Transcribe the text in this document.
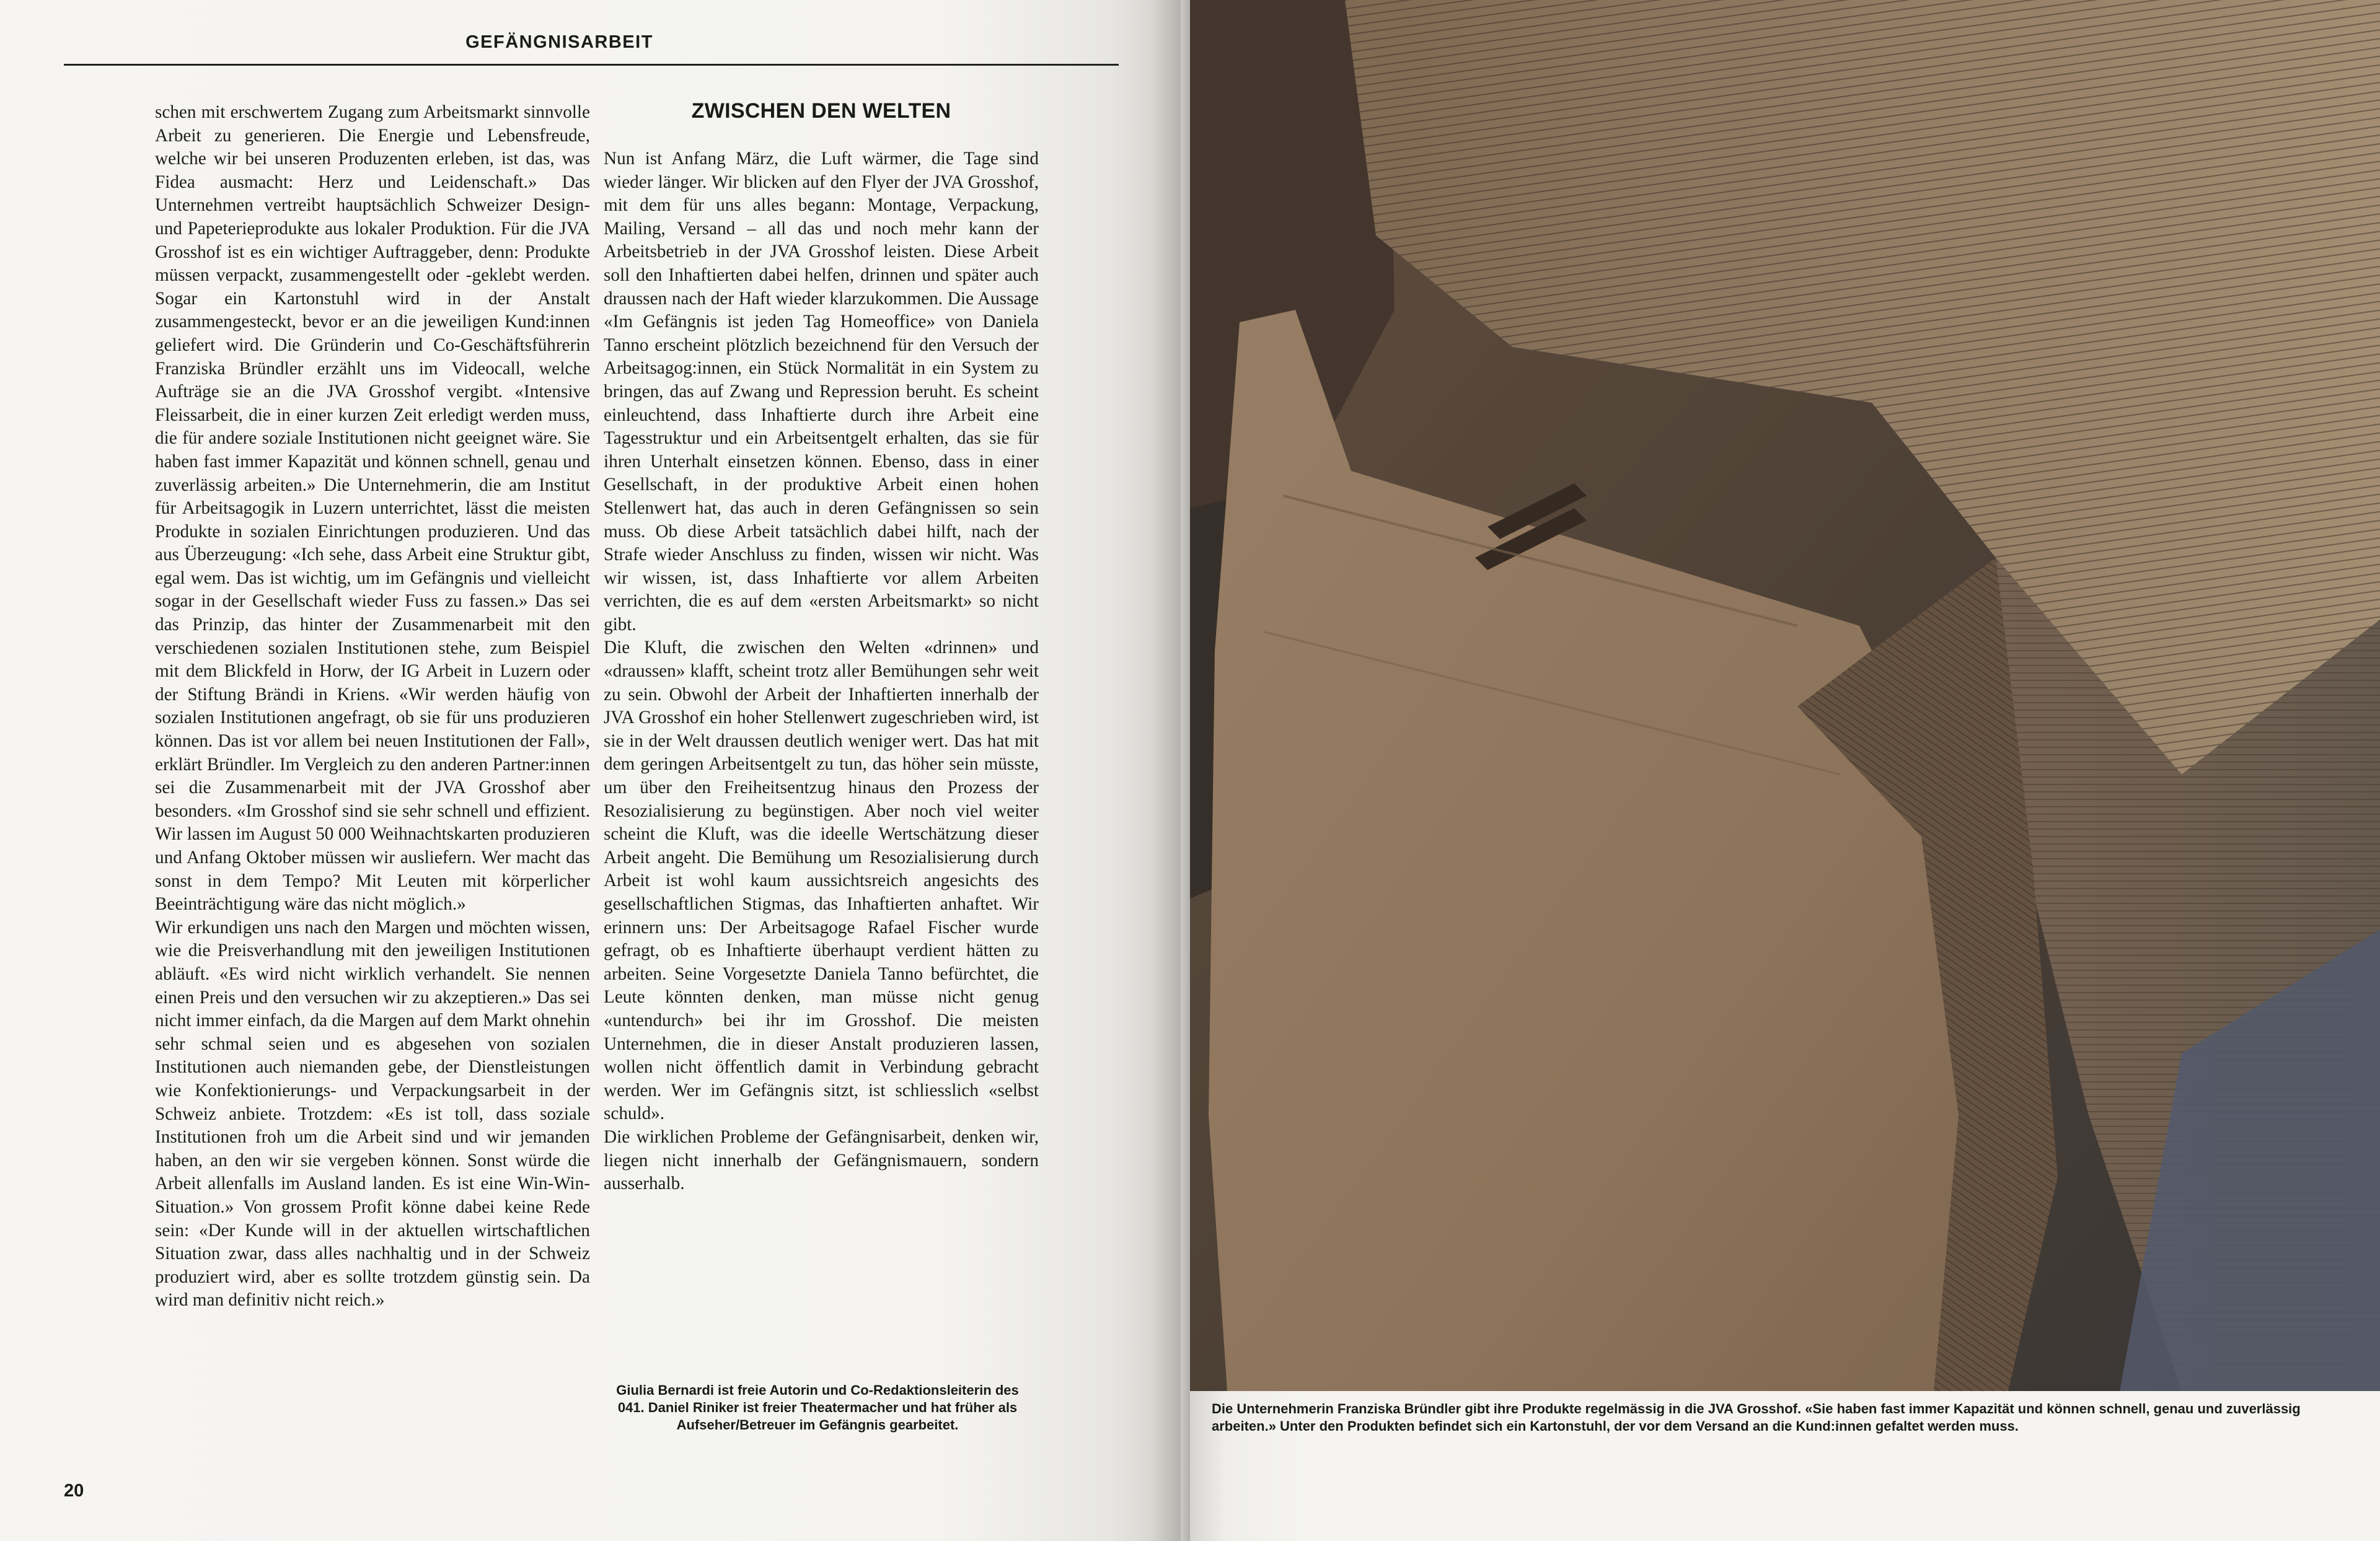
GEFÄNGNISARBEIT

schen mit erschwertem Zugang zum Arbeitsmarkt sinnvolle Arbeit zu generieren. Die Energie und Lebensfreude, welche wir bei unseren Produzenten erleben, ist das, was Fidea ausmacht: Herz und Leidenschaft.» Das Unternehmen vertreibt hauptsächlich Schweizer Design- und Papeterieprodukte aus lokaler Produktion. Für die JVA Grosshof ist es ein wichtiger Auftraggeber, denn: Produkte müssen verpackt, zusammengestellt oder -geklebt werden. Sogar ein Kartonstuhl wird in der Anstalt zusammengesteckt, bevor er an die jeweiligen Kund:innen geliefert wird. Die Gründerin und Co-Geschäftsführerin Franziska Bründler erzählt uns im Videocall, welche Aufträge sie an die JVA Grosshof vergibt. «Intensive Fleissarbeit, die in einer kurzen Zeit erledigt werden muss, die für andere soziale Institutionen nicht geeignet wäre. Sie haben fast immer Kapazität und können schnell, genau und zuverlässig arbeiten.» Die Unternehmerin, die am Institut für Arbeitsagogik in Luzern unterrichtet, lässt die meisten Produkte in sozialen Einrichtungen produzieren. Und das aus Überzeugung: «Ich sehe, dass Arbeit eine Struktur gibt, egal wem. Das ist wichtig, um im Gefängnis und vielleicht sogar in der Gesellschaft wieder Fuss zu fassen.» Das sei das Prinzip, das hinter der Zusammenarbeit mit den verschiedenen sozialen Institutionen stehe, zum Beispiel mit dem Blickfeld in Horw, der IG Arbeit in Luzern oder der Stiftung Brändi in Kriens. «Wir werden häufig von sozialen Institutionen angefragt, ob sie für uns produzieren können. Das ist vor allem bei neuen Institutionen der Fall», erklärt Bründler. Im Vergleich zu den anderen Partner:innen sei die Zusammenarbeit mit der JVA Grosshof aber besonders. «Im Grosshof sind sie sehr schnell und effizient. Wir lassen im August 50 000 Weihnachtskarten produzieren und Anfang Oktober müssen wir ausliefern. Wer macht das sonst in dem Tempo? Mit Leuten mit körperlicher Beeinträchtigung wäre das nicht möglich.»

Wir erkundigen uns nach den Margen und möchten wissen, wie die Preisverhandlung mit den jeweiligen Institutionen abläuft. «Es wird nicht wirklich verhandelt. Sie nennen einen Preis und den versuchen wir zu akzeptieren.» Das sei nicht immer einfach, da die Margen auf dem Markt ohnehin sehr schmal seien und es abgesehen von sozialen Institutionen auch niemanden gebe, der Dienstleistungen wie Konfektionierungs- und Verpackungsarbeit in der Schweiz anbiete. Trotzdem: «Es ist toll, dass soziale Institutionen froh um die Arbeit sind und wir jemanden haben, an den wir sie vergeben können. Sonst würde die Arbeit allenfalls im Ausland landen. Es ist eine Win-Win-Situation.» Von grossem Profit könne dabei keine Rede sein: «Der Kunde will in der aktuellen wirtschaftlichen Situation zwar, dass alles nachhaltig und in der Schweiz produziert wird, aber es sollte trotzdem günstig sein. Da wird man definitiv nicht reich.»

ZWISCHEN DEN WELTEN

Nun ist Anfang März, die Luft wärmer, die Tage sind wieder länger. Wir blicken auf den Flyer der JVA Grosshof, mit dem für uns alles begann: Montage, Verpackung, Mailing, Versand – all das und noch mehr kann der Arbeitsbetrieb in der JVA Grosshof leisten. Diese Arbeit soll den Inhaftierten dabei helfen, drinnen und später auch draussen nach der Haft wieder klarzukommen. Die Aussage «Im Gefängnis ist jeden Tag Homeoffice» von Daniela Tanno erscheint plötzlich bezeichnend für den Versuch der Arbeitsagog:innen, ein Stück Normalität in ein System zu bringen, das auf Zwang und Repression beruht. Es scheint einleuchtend, dass Inhaftierte durch ihre Arbeit eine Tagesstruktur und ein Arbeitsentgelt erhalten, das sie für ihren Unterhalt einsetzen können. Ebenso, dass in einer Gesellschaft, in der produktive Arbeit einen hohen Stellenwert hat, das auch in deren Gefängnissen so sein muss. Ob diese Arbeit tatsächlich dabei hilft, nach der Strafe wieder Anschluss zu finden, wissen wir nicht. Was wir wissen, ist, dass Inhaftierte vor allem Arbeiten verrichten, die es auf dem «ersten Arbeitsmarkt» so nicht gibt.

Die Kluft, die zwischen den Welten «drinnen» und «draussen» klafft, scheint trotz aller Bemühungen sehr weit zu sein. Obwohl der Arbeit der Inhaftierten innerhalb der JVA Grosshof ein hoher Stellenwert zugeschrieben wird, ist sie in der Welt draussen deutlich weniger wert. Das hat mit dem geringen Arbeitsentgelt zu tun, das höher sein müsste, um über den Freiheitsentzug hinaus den Prozess der Resozialisierung zu begünstigen. Aber noch viel weiter scheint die Kluft, was die ideelle Wertschätzung dieser Arbeit angeht. Die Bemühung um Resozialisierung durch Arbeit ist wohl kaum aussichtsreich angesichts des gesellschaftlichen Stigmas, das Inhaftierten anhaftet. Wir erinnern uns: Der Arbeitsagoge Rafael Fischer wurde gefragt, ob es Inhaftierte überhaupt verdient hätten zu arbeiten. Seine Vorgesetzte Daniela Tanno befürchtet, die Leute könnten denken, man müsse nicht genug «untendurch» bei ihr im Grosshof. Die meisten Unternehmen, die in dieser Anstalt produzieren lassen, wollen nicht öffentlich damit in Verbindung gebracht werden. Wer im Gefängnis sitzt, ist schliesslich «selbst schuld».

Die wirklichen Probleme der Gefängnisarbeit, denken wir, liegen nicht innerhalb der Gefängnismauern, sondern ausserhalb.

Giulia Bernardi ist freie Autorin und Co-Redaktionsleiterin des 041. Daniel Riniker ist freier Theatermacher und hat früher als Aufseher/Betreuer im Gefängnis gearbeitet.
20
Die Unternehmerin Franziska Bründler gibt ihre Produkte regelmässig in die JVA Grosshof. «Sie haben fast immer Kapazität und können schnell, genau und zuverlässig arbeiten.» Unter den Produkten befindet sich ein Kartonstuhl, der vor dem Versand an die Kund:innen gefaltet werden muss.
